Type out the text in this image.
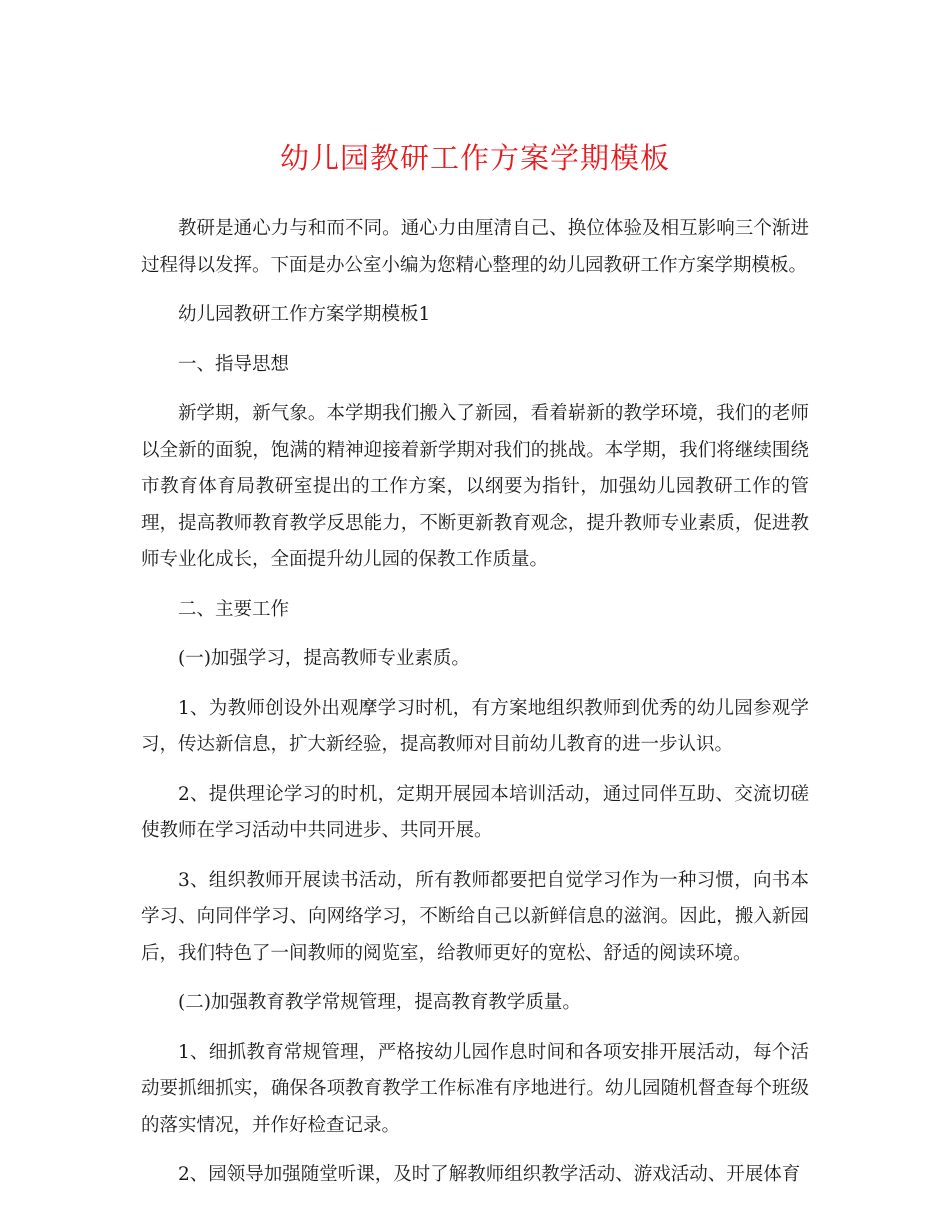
幼儿园教研工作方案学期模板

教研是通心力与和而不同。通心力由厘清自己、换位体验及相互影响三个渐进过程得以发挥。下面是办公室小编为您精心整理的幼儿园教研工作方案学期模板。

幼儿园教研工作方案学期模板1

一、指导思想

新学期，新气象。本学期我们搬入了新园，看着崭新的教学环境，我们的老师以全新的面貌，饱满的精神迎接着新学期对我们的挑战。本学期，我们将继续围绕市教育体育局教研室提出的工作方案，以纲要为指针，加强幼儿园教研工作的管理，提高教师教育教学反思能力，不断更新教育观念，提升教师专业素质，促进教师专业化成长，全面提升幼儿园的保教工作质量。

二、主要工作

(一)加强学习，提高教师专业素质。

1、为教师创设外出观摩学习时机，有方案地组织教师到优秀的幼儿园参观学习，传达新信息，扩大新经验，提高教师对目前幼儿教育的进一步认识。

2、提供理论学习的时机，定期开展园本培训活动，通过同伴互助、交流切磋使教师在学习活动中共同进步、共同开展。

3、组织教师开展读书活动，所有教师都要把自觉学习作为一种习惯，向书本学习、向同伴学习、向网络学习，不断给自己以新鲜信息的滋润。因此，搬入新园后，我们特色了一间教师的阅览室，给教师更好的宽松、舒适的阅读环境。

(二)加强教育教学常规管理，提高教育教学质量。

1、细抓教育常规管理，严格按幼儿园作息时间和各项安排开展活动，每个活动要抓细抓实，确保各项教育教学工作标准有序地进行。幼儿园随机督查每个班级的落实情况，并作好检查记录。

2、园领导加强随堂听课，及时了解教师组织教学活动、游戏活动、开展体育
